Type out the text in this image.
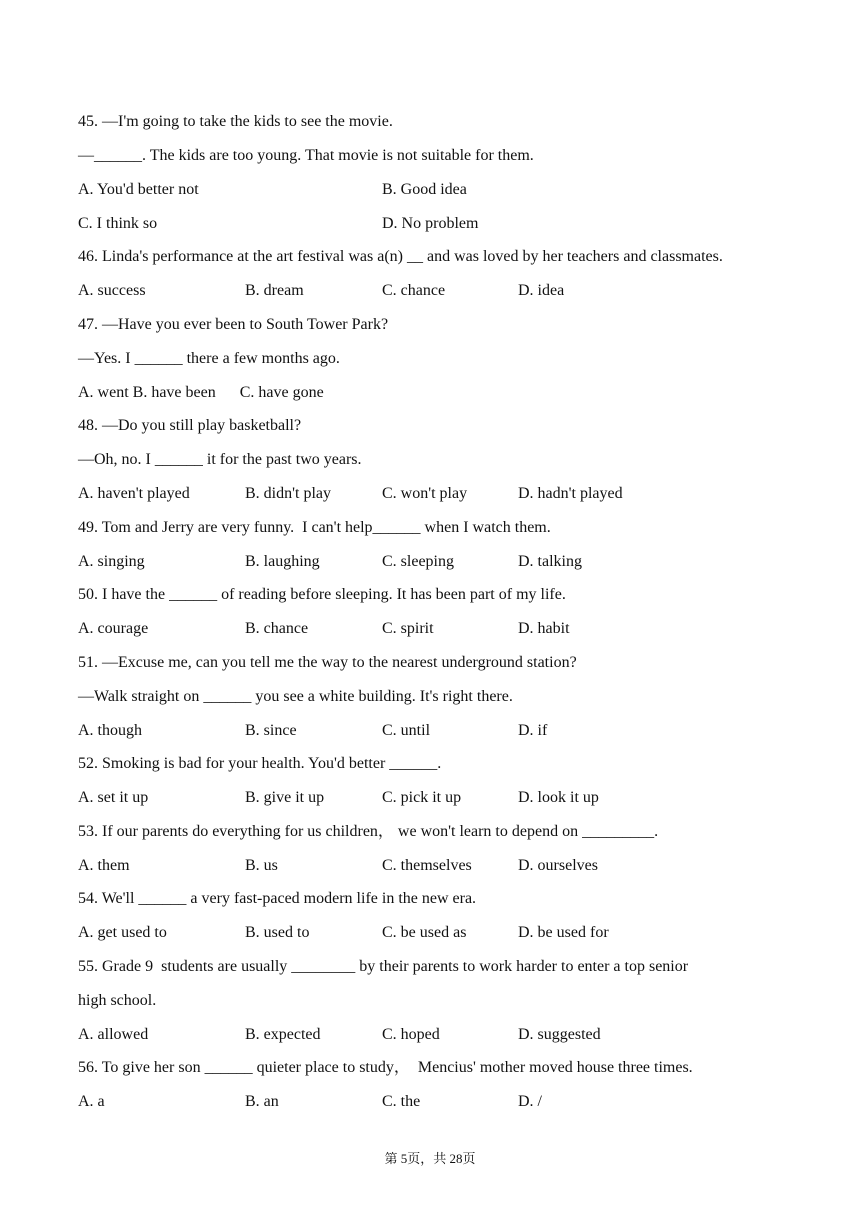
45. —I'm going to take the kids to see the movie.
—______. The kids are too young. That movie is not suitable for them.
A. You'd better not	B. Good idea
C. I think so	D. No problem
46. Linda's performance at the art festival was a(n) __ and was loved by her teachers and classmates.
A. success	B. dream	C. chance	D. idea
47. —Have you ever been to South Tower Park?
—Yes. I ______ there a few months ago.
A. went B. have been      C. have gone
48. —Do you still play basketball?
—Oh, no. I ______ it for the past two years.
A. haven't played	B. didn't play	C. won't play	D. hadn't played
49. Tom and Jerry are very funny.  I can't help______ when I watch them.
A. singing	B. laughing	C. sleeping	D. talking
50. I have the ______ of reading before sleeping. It has been part of my life.
A. courage	B. chance	C. spirit	D. habit
51. —Excuse me, can you tell me the way to the nearest underground station?
—Walk straight on ______ you see a white building. It's right there.
A. though	B. since	C. until	D. if
52. Smoking is bad for your health. You'd better ______.
A. set it up	B. give it up	C. pick it up	D. look it up
53. If our parents do everything for us children， we won't learn to depend on _________.
A. them	B. us	C. themselves	D. ourselves
54. We'll ______ a very fast-paced modern life in the new era.
A. get used to	B. used to	C. be used as	D. be used for
55. Grade 9  students are usually ________ by their parents to work harder to enter a top senior
high school.
A. allowed	B. expected	C. hoped	D. suggested
56. To give her son ______ quieter place to study，  Mencius' mother moved house three times.
A. a	B. an	C. the	D. /
第 5页，共 28页
